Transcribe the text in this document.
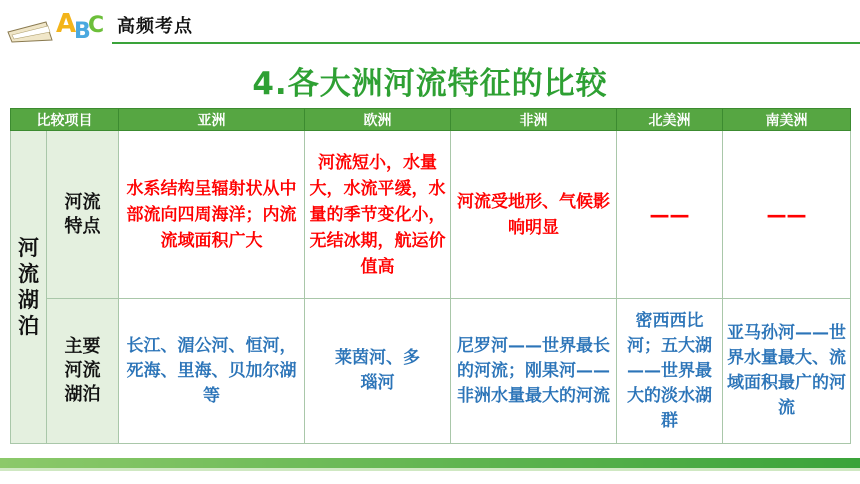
A
B
C 高频考点
4.各大洲河流特征的比较
比较项目		亚洲	欧洲	非洲	北美洲	南美洲

河流湖泊	河流特点	水系结构呈辐射状从中部流向四周海洋；内流流域面积广大	河流短小，水量大，水流平缓，水量的季节变化小，无结冰期，航运价值高	河流受地形、气候影响明显	——	——

	主要河流湖泊	长江、湄公河、恒河，死海、里海、贝加尔湖等	莱茵河、多瑙河	尼罗河——世界最长的河流；刚果河——非洲水量最大的河流	密西西比河；五大湖——世界最大的淡水湖群	亚马孙河——世界水量最大、流域面积最广的河流
